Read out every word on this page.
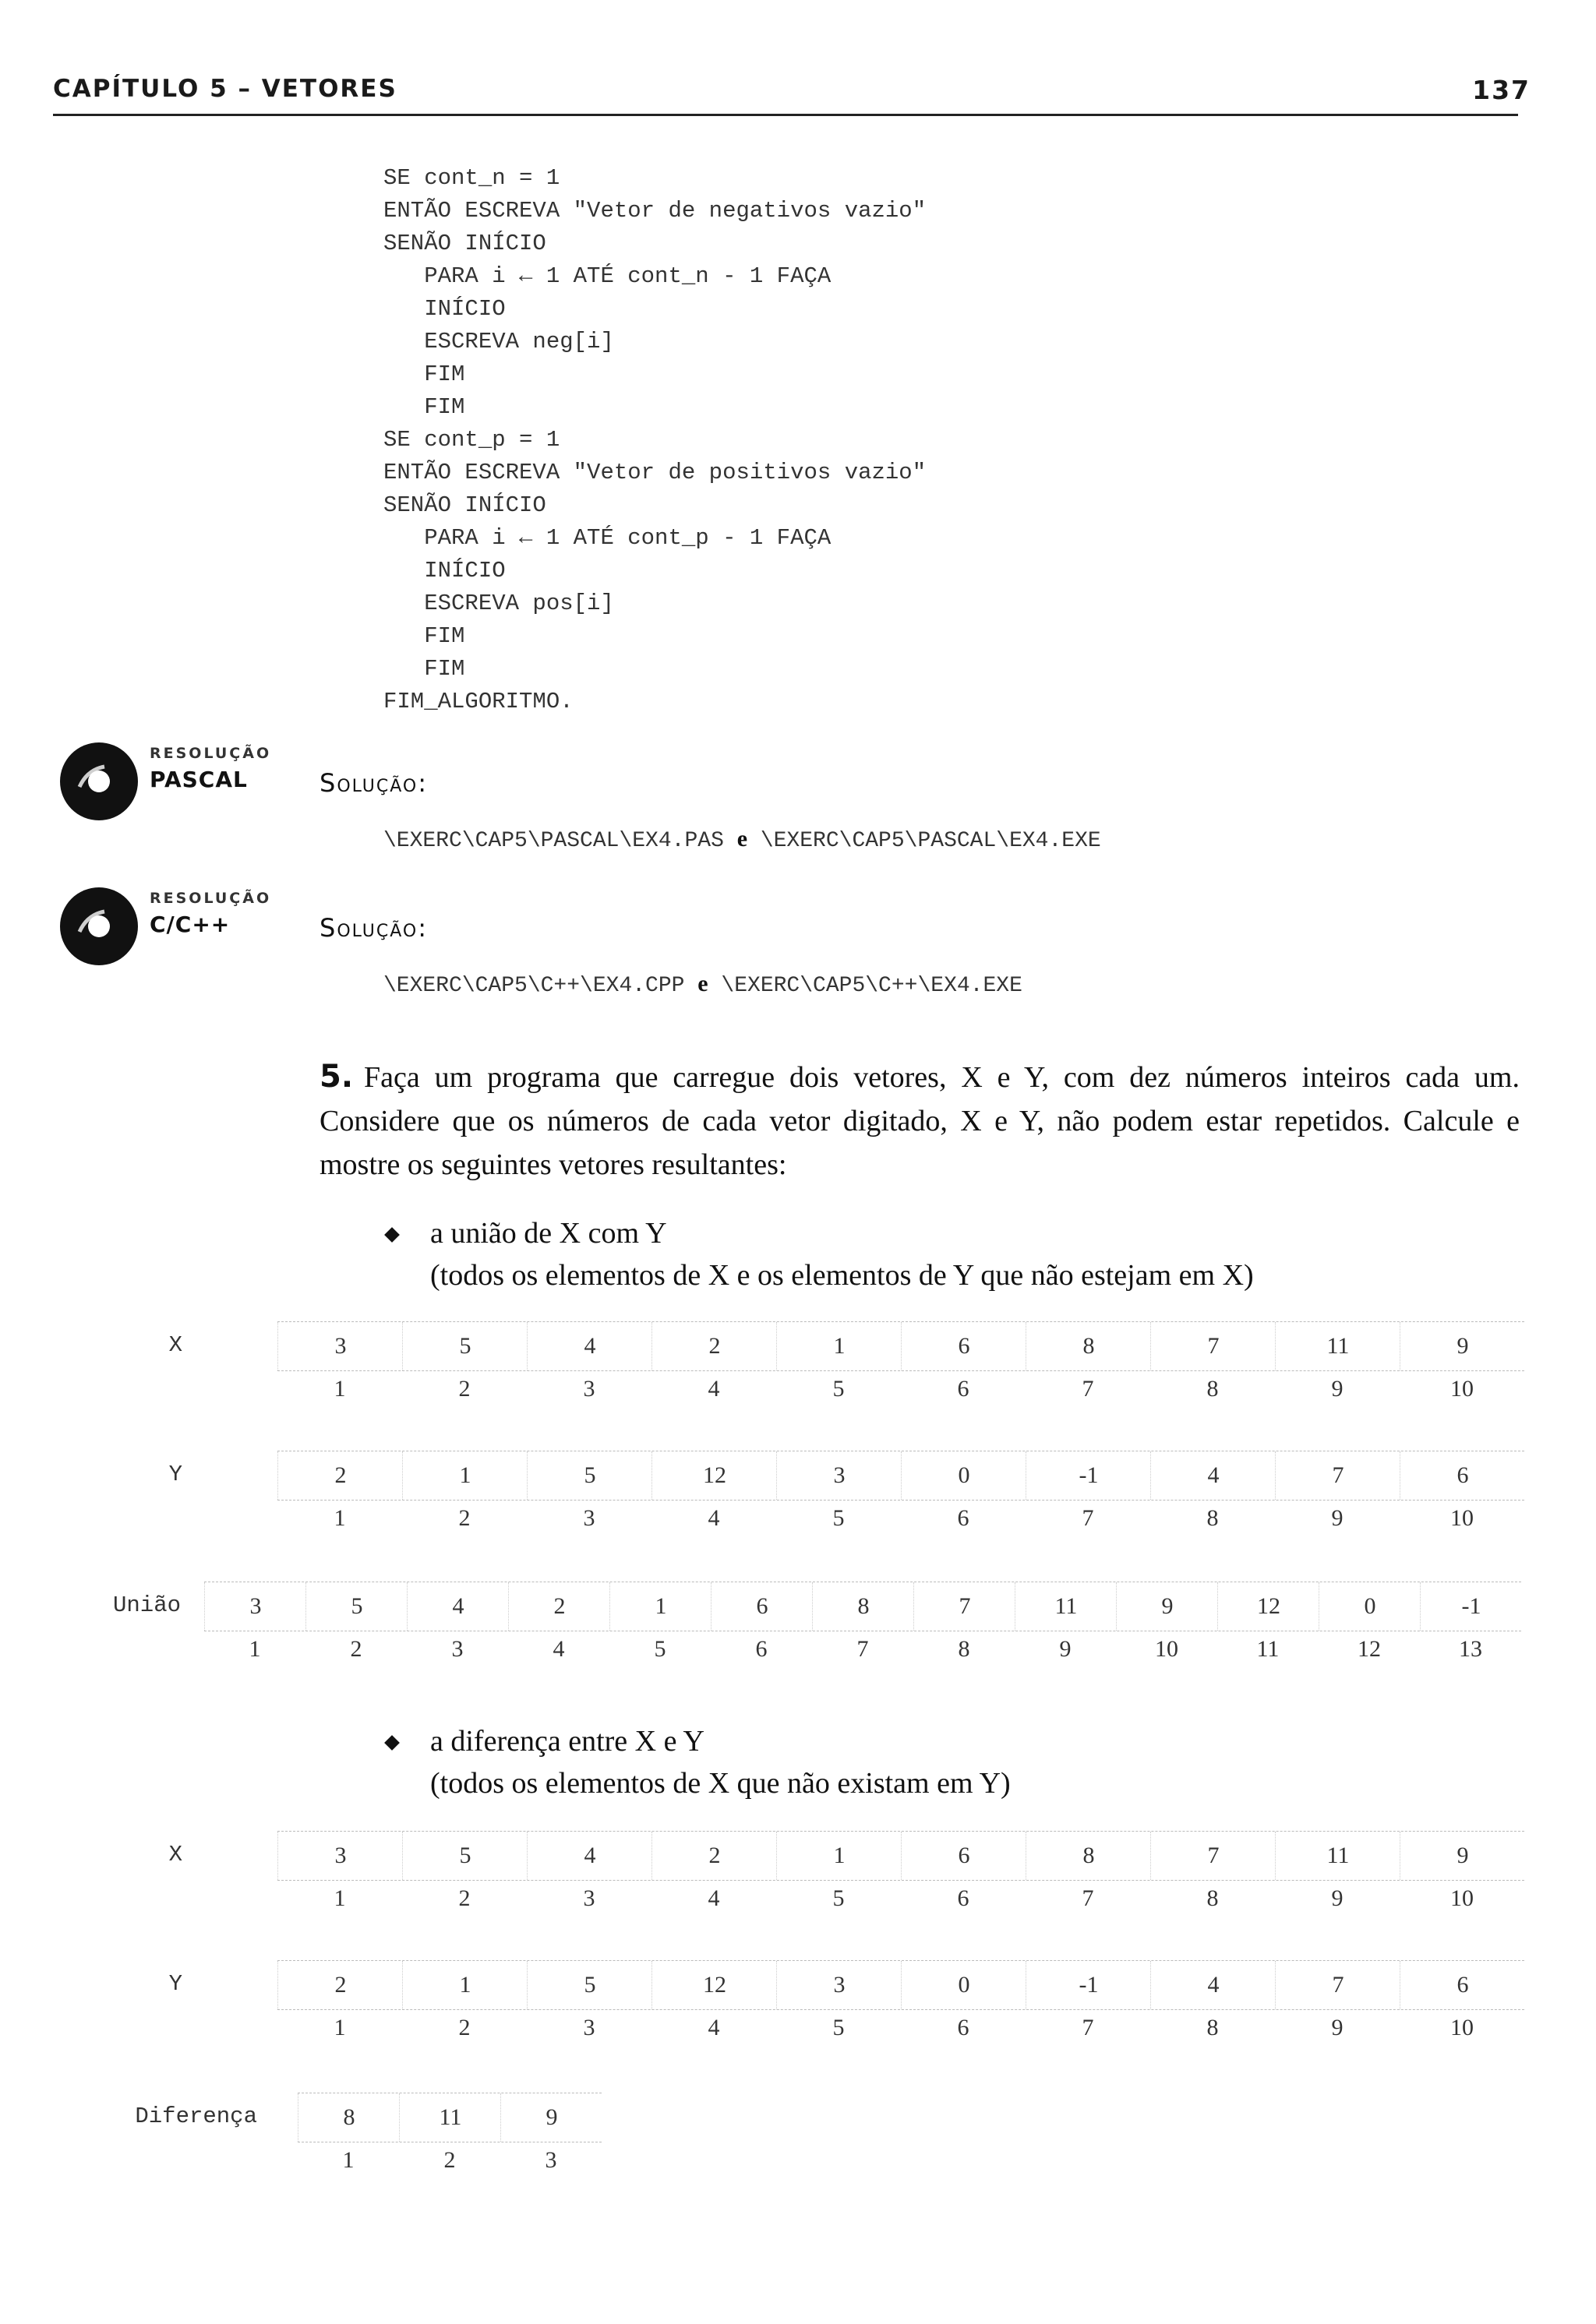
CAPÍTULO 5 – VETORES	137
SE cont_n = 1
ENTÃO ESCREVA "Vetor de negativos vazio"
SENÃO INÍCIO
PARA i ← 1 ATÉ cont_n - 1 FAÇA
INÍCIO
ESCREVA neg[i]
FIM
FIM
SE cont_p = 1
ENTÃO ESCREVA "Vetor de positivos vazio"
SENÃO INÍCIO
PARA i ← 1 ATÉ cont_p - 1 FAÇA
INÍCIO
ESCREVA pos[i]
FIM
FIM
FIM_ALGORITMO.
RESOLUÇÃO
PASCAL	Solução:
\EXERC\CAP5\PASCAL\EX4.PAS e \EXERC\CAP5\PASCAL\EX4.EXE
RESOLUÇÃO
C/C++	Solução:
\EXERC\CAP5\C++\EX4.CPP e \EXERC\CAP5\C++\EX4.EXE
5. Faça um programa que carregue dois vetores, X e Y, com dez números inteiros cada um. Considere que os números de cada vetor digitado, X e Y, não podem estar repetidos. Calcule e mostre os seguintes vetores resultantes:
a união de X com Y
(todos os elementos de X e os elementos de Y que não estejam em X)
a diferença entre X e Y
(todos os elementos de X que não existam em Y)
X	3	5	4	2	1	6	8	7	11	9
1	2	3	4	5	6	7	8	9	10
Y	2	1	5	12	3	0	-1	4	7	6
1	2	3	4	5	6	7	8	9	10
União	3	5	4	2	1	6	8	7	11	9	12	0	-1
1	2	3	4	5	6	7	8	9	10	11	12	13
X	3	5	4	2	1	6	8	7	11	9
1	2	3	4	5	6	7	8	9	10
Y	2	1	5	12	3	0	-1	4	7	6
1	2	3	4	5	6	7	8	9	10
Diferença	8	11	9
1	2	3
